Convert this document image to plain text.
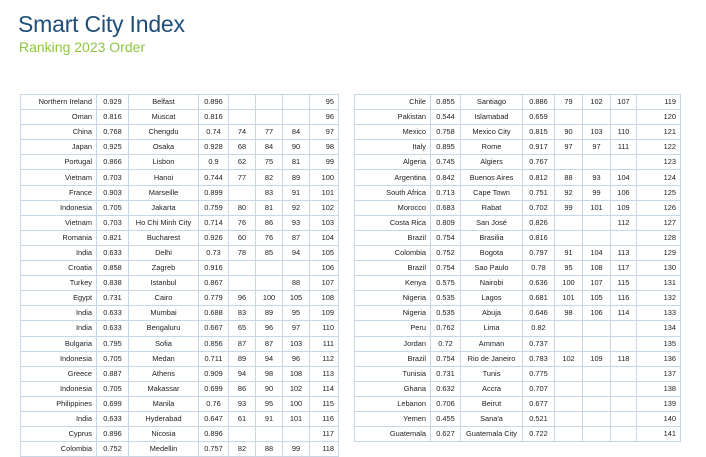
Smart City Index
Ranking 2023 Order
Northern Ireland	0.929	Belfast	0.896				95
Oman	0.816	Muscat	0.816				96
China	0.768	Chengdu	0.74	74	77	84	97
Japan	0.925	Osaka	0.928	68	84	90	98
Portugal	0.866	Lisbon	0.9	62	75	81	99
Vietnam	0.703	Hanoi	0.744	77	82	89	100
France	0.903	Marseille	0.899		83	91	101
Indonesia	0.705	Jakarta	0.759	80	81	92	102
Vietnam	0.703	Ho Chi Minh City	0.714	76	86	93	103
Romania	0.821	Bucharest	0.926	60	76	87	104
India	0.633	Delhi	0.73	78	85	94	105
Croatia	0.858	Zagreb	0.916				106
Turkey	0.838	Istanbul	0.867			88	107
Egypt	0.731	Cairo	0.779	96	100	105	108
India	0.633	Mumbai	0.688	83	89	95	109
India	0.633	Bengaluru	0.667	65	96	97	110
Bulgaria	0.795	Sofia	0.856	87	87	103	111
Indonesia	0.705	Medan	0.711	89	94	96	112
Greece	0.887	Athens	0.909	94	98	108	113
Indonesia	0.705	Makassar	0.699	86	90	102	114
Philippines	0.699	Manila	0.76	93	95	100	115
India	0.633	Hyderabad	0.647	61	91	101	116
Cyprus	0.896	Nicosia	0.896				117
Colombia	0.752	Medellin	0.757	82	88	99	118
Chile	0.855	Santiago	0.886	79	102	107	119
Pakistan	0.544	Islamabad	0.659				120
Mexico	0.758	Mexico City	0.815	90	103	110	121
Italy	0.895	Rome	0.917	97	97	111	122
Algeria	0.745	Algiers	0.767				123
Argentina	0.842	Buenos Aires	0.812	88	93	104	124
South Africa	0.713	Cape Town	0.751	92	99	106	125
Morocco	0.683	Rabat	0.702	99	101	109	126
Costa Rica	0.809	San José	0.826			112	127
Brazil	0.754	Brasilia	0.816				128
Colombia	0.752	Bogota	0.797	91	104	113	129
Brazil	0.754	Sao Paulo	0.78	95	108	117	130
Kenya	0.575	Nairobi	0.636	100	107	115	131
Nigeria	0.535	Lagos	0.681	101	105	116	132
Nigeria	0.535	Abuja	0.646	98	106	114	133
Peru	0.762	Lima	0.82				134
Jordan	0.72	Amman	0.737				135
Brazil	0.754	Rio de Janeiro	0.783	102	109	118	136
Tunisia	0.731	Tunis	0.775				137
Ghana	0.632	Accra	0.707				138
Lebanon	0.706	Beirut	0.677				139
Yemen	0.455	Sana'a	0.521				140
Guatemala	0.627	Guatemala City	0.722				141
